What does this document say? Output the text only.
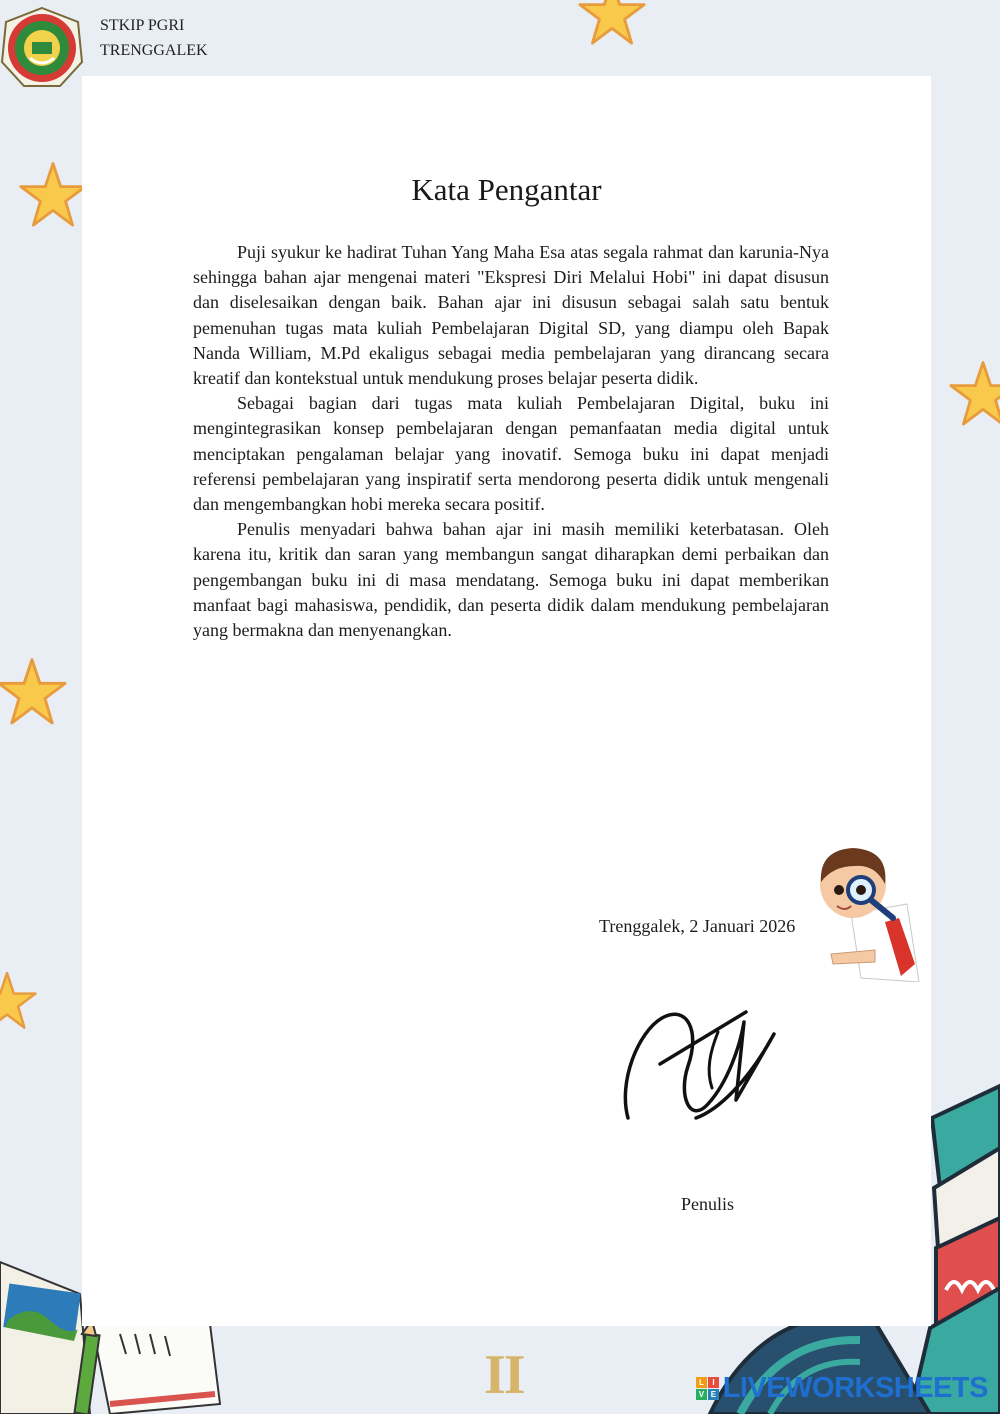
STKIP PGRI
TRENGGALEK
Kata Pengantar

Puji syukur ke hadirat Tuhan Yang Maha Esa atas segala rahmat dan karunia-Nya sehingga bahan ajar mengenai materi "Ekspresi Diri Melalui Hobi" ini dapat disusun dan diselesaikan dengan baik. Bahan ajar ini disusun sebagai salah satu bentuk pemenuhan tugas mata kuliah Pembelajaran Digital SD, yang diampu oleh Bapak Nanda William, M.Pd ekaligus sebagai media pembelajaran yang dirancang secara kreatif dan kontekstual untuk mendukung proses belajar peserta didik.

Sebagai bagian dari tugas mata kuliah Pembelajaran Digital, buku ini mengintegrasikan konsep pembelajaran dengan pemanfaatan media digital untuk menciptakan pengalaman belajar yang inovatif. Semoga buku ini dapat menjadi referensi pembelajaran yang inspiratif serta mendorong peserta didik untuk mengenali dan mengembangkan hobi mereka secara positif.

Penulis menyadari bahwa bahan ajar ini masih memiliki keterbatasan. Oleh karena itu, kritik dan saran yang membangun sangat diharapkan demi perbaikan dan pengembangan buku ini di masa mendatang. Semoga buku ini dapat memberikan manfaat bagi mahasiswa, pendidik, dan peserta didik dalam mendukung pembelajaran yang bermakna dan menyenangkan.

Trenggalek, 2 Januari 2026
Penulis
II	L	I
V E LIVEWORKSHEETS
